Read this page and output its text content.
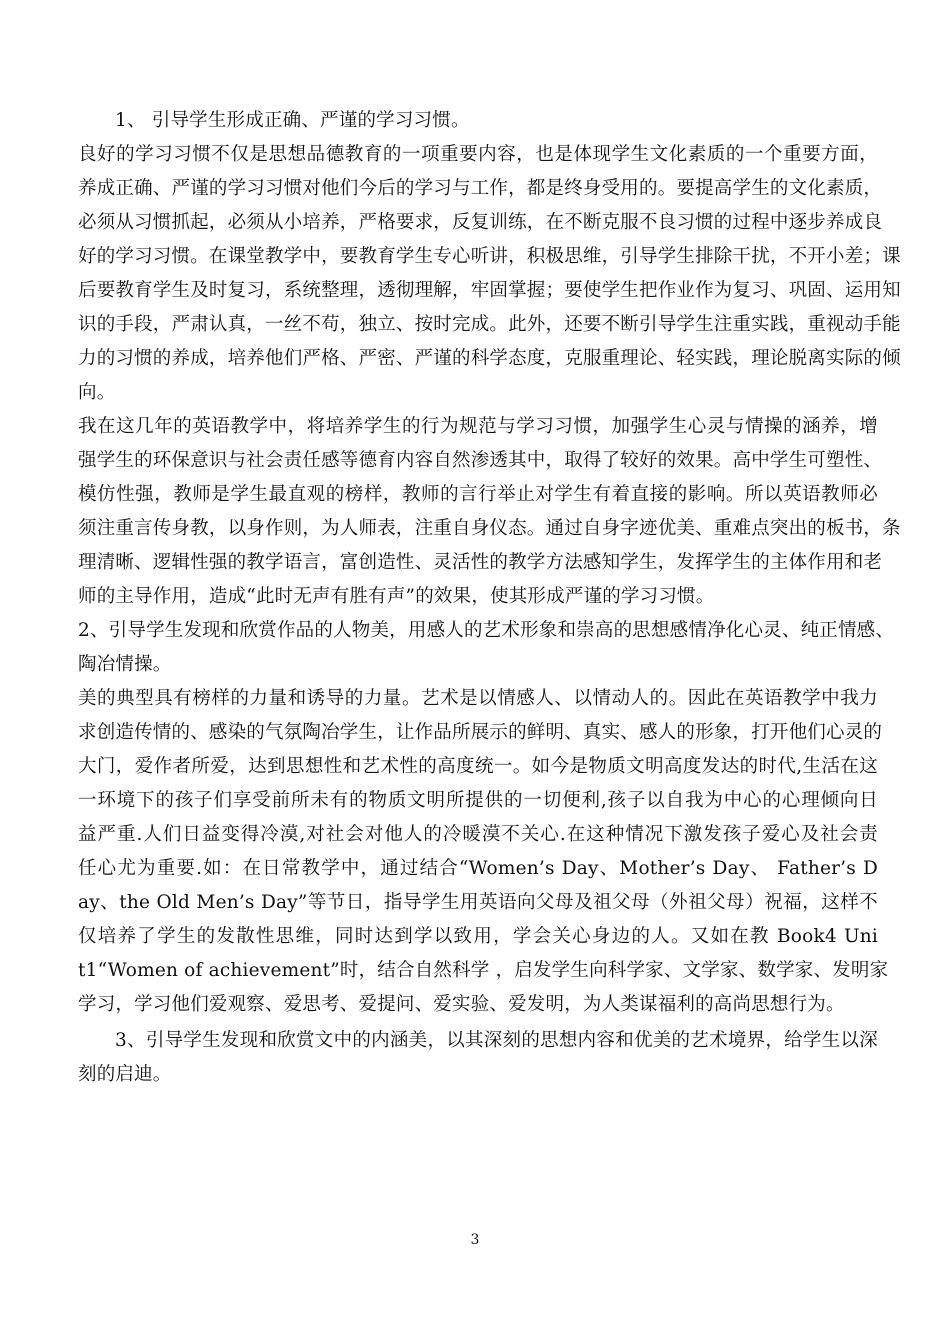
1、 引导学生形成正确、严谨的学习习惯。
良好的学习习惯不仅是思想品德教育的一项重要内容，也是体现学生文化素质的一个重要方面，
养成正确、严谨的学习习惯对他们今后的学习与工作，都是终身受用的。要提高学生的文化素质，
必须从习惯抓起，必须从小培养，严格要求，反复训练，在不断克服不良习惯的过程中逐步养成良
好的学习习惯。在课堂教学中，要教育学生专心听讲，积极思维，引导学生排除干扰，不开小差；课
后要教育学生及时复习，系统整理，透彻理解，牢固掌握；要使学生把作业作为复习、巩固、运用知
识的手段，严肃认真，一丝不苟，独立、按时完成。此外，还要不断引导学生注重实践，重视动手能
力的习惯的养成，培养他们严格、严密、严谨的科学态度，克服重理论、轻实践，理论脱离实际的倾
向。
我在这几年的英语教学中，将培养学生的行为规范与学习习惯，加强学生心灵与情操的涵养，增
强学生的环保意识与社会责任感等德育内容自然渗透其中，取得了较好的效果。高中学生可塑性、
模仿性强，教师是学生最直观的榜样，教师的言行举止对学生有着直接的影响。所以英语教师必
须注重言传身教，以身作则，为人师表，注重自身仪态。通过自身字迹优美、重难点突出的板书，条
理清晰、逻辑性强的教学语言，富创造性、灵活性的教学方法感知学生，发挥学生的主体作用和老
师的主导作用，造成“此时无声有胜有声”的效果，使其形成严谨的学习习惯。
2、引导学生发现和欣赏作品的人物美，用感人的艺术形象和崇高的思想感情净化心灵、纯正情感、
陶冶情操。
美的典型具有榜样的力量和诱导的力量。艺术是以情感人、以情动人的。因此在英语教学中我力
求创造传情的、感染的气氛陶冶学生，让作品所展示的鲜明、真实、感人的形象，打开他们心灵的
大门，爱作者所爱，达到思想性和艺术性的高度统一。如今是物质文明高度发达的时代,生活在这
一环境下的孩子们享受前所未有的物质文明所提供的一切便利,孩子以自我为中心的心理倾向日
益严重.人们日益变得冷漠,对社会对他人的冷暖漠不关心.在这种情况下激发孩子爱心及社会责
任心尤为重要.如：在日常教学中，通过结合“Women’s Day、Mother’s Day、 Father’s D
ay、the Old Men’s Day”等节日，指导学生用英语向父母及祖父母（外祖父母）祝福，这样不
仅培养了学生的发散性思维，同时达到学以致用，学会关心身边的人。又如在教 Book4 Uni
t1“Women of achievement”时，结合自然科学 ，启发学生向科学家、文学家、数学家、发明家
学习，学习他们爱观察、爱思考、爱提问、爱实验、爱发明，为人类谋福利的高尚思想行为。
3、引导学生发现和欣赏文中的内涵美，以其深刻的思想内容和优美的艺术境界，给学生以深
刻的启迪。
3
